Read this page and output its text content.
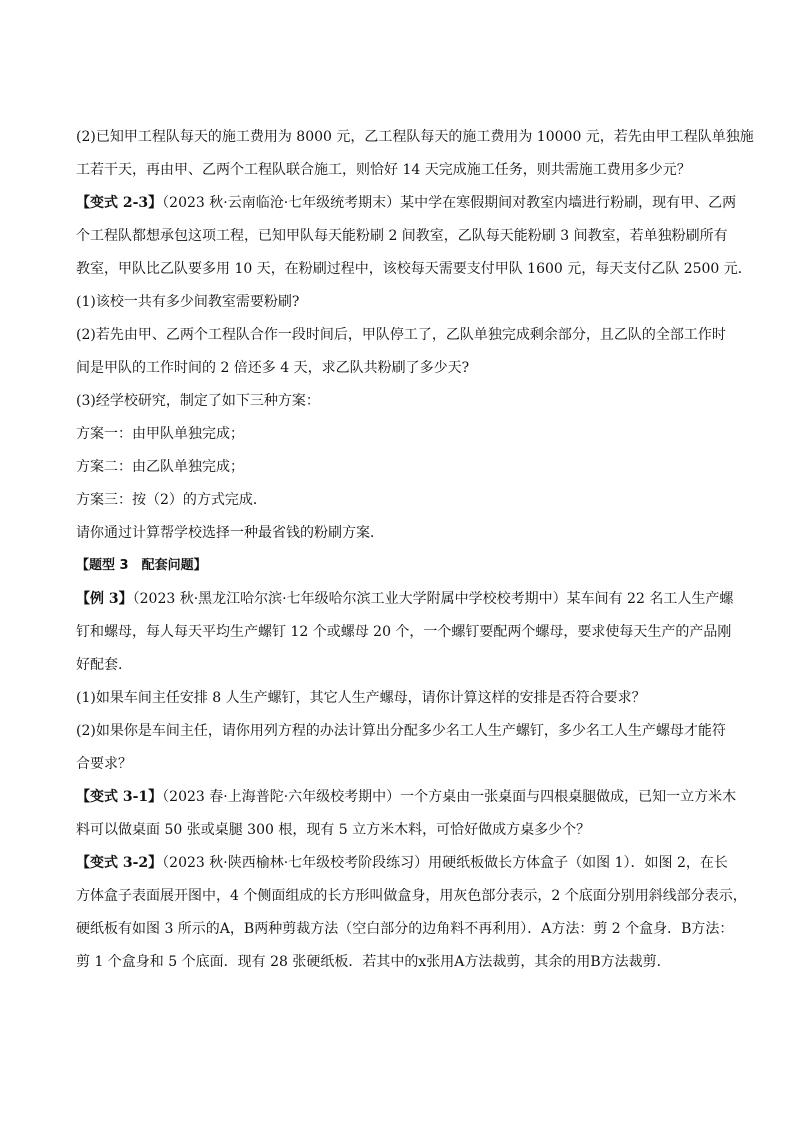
(2)已知甲工程队每天的施工费用为 8000 元，乙工程队每天的施工费用为 10000 元，若先由甲工程队单独施
工若干天，再由甲、乙两个工程队联合施工，则恰好 14 天完成施工任务，则共需施工费用多少元？
【变式 2-3】（2023 秋·云南临沧·七年级统考期末）某中学在寒假期间对教室内墙进行粉刷，现有甲、乙两
个工程队都想承包这项工程，已知甲队每天能粉刷 2 间教室，乙队每天能粉刷 3 间教室，若单独粉刷所有
教室，甲队比乙队要多用 10 天，在粉刷过程中，该校每天需要支付甲队 1600 元，每天支付乙队 2500 元．
(1)该校一共有多少间教室需要粉刷?
(2)若先由甲、乙两个工程队合作一段时间后，甲队停工了，乙队单独完成剩余部分，且乙队的全部工作时
间是甲队的工作时间的 2 倍还多 4 天，求乙队共粉刷了多少天?
(3)经学校研究，制定了如下三种方案：
方案一：由甲队单独完成；
方案二：由乙队单独完成；
方案三：按（2）的方式完成．
请你通过计算帮学校选择一种最省钱的粉刷方案．
【题型 3　配套问题】
【例 3】（2023 秋·黑龙江哈尔滨·七年级哈尔滨工业大学附属中学校校考期中）某车间有 22 名工人生产螺
钉和螺母，每人每天平均生产螺钉 12 个或螺母 20 个，一个螺钉要配两个螺母，要求使每天生产的产品刚
好配套.
(1)如果车间主任安排 8 人生产螺钉，其它人生产螺母，请你计算这样的安排是否符合要求？
(2)如果你是车间主任，请你用列方程的办法计算出分配多少名工人生产螺钉，多少名工人生产螺母才能符
合要求？
【变式 3-1】（2023 春·上海普陀·六年级校考期中）一个方桌由一张桌面与四根桌腿做成，已知一立方米木
料可以做桌面 50 张或桌腿 300 根，现有 5 立方米木料，可恰好做成方桌多少个？
【变式 3-2】（2023 秋·陕西榆林·七年级校考阶段练习）用硬纸板做长方体盒子（如图 1）．如图 2，在长
方体盒子表面展开图中，4 个侧面组成的长方形叫做盒身，用灰色部分表示，2 个底面分别用斜线部分表示，
硬纸板有如图 3 所示的A，B两种剪裁方法（空白部分的边角料不再利用）．A方法：剪 2 个盒身．B方法：
剪 1 个盒身和 5 个底面．现有 28 张硬纸板．若其中的x张用A方法裁剪，其余的用B方法裁剪．
